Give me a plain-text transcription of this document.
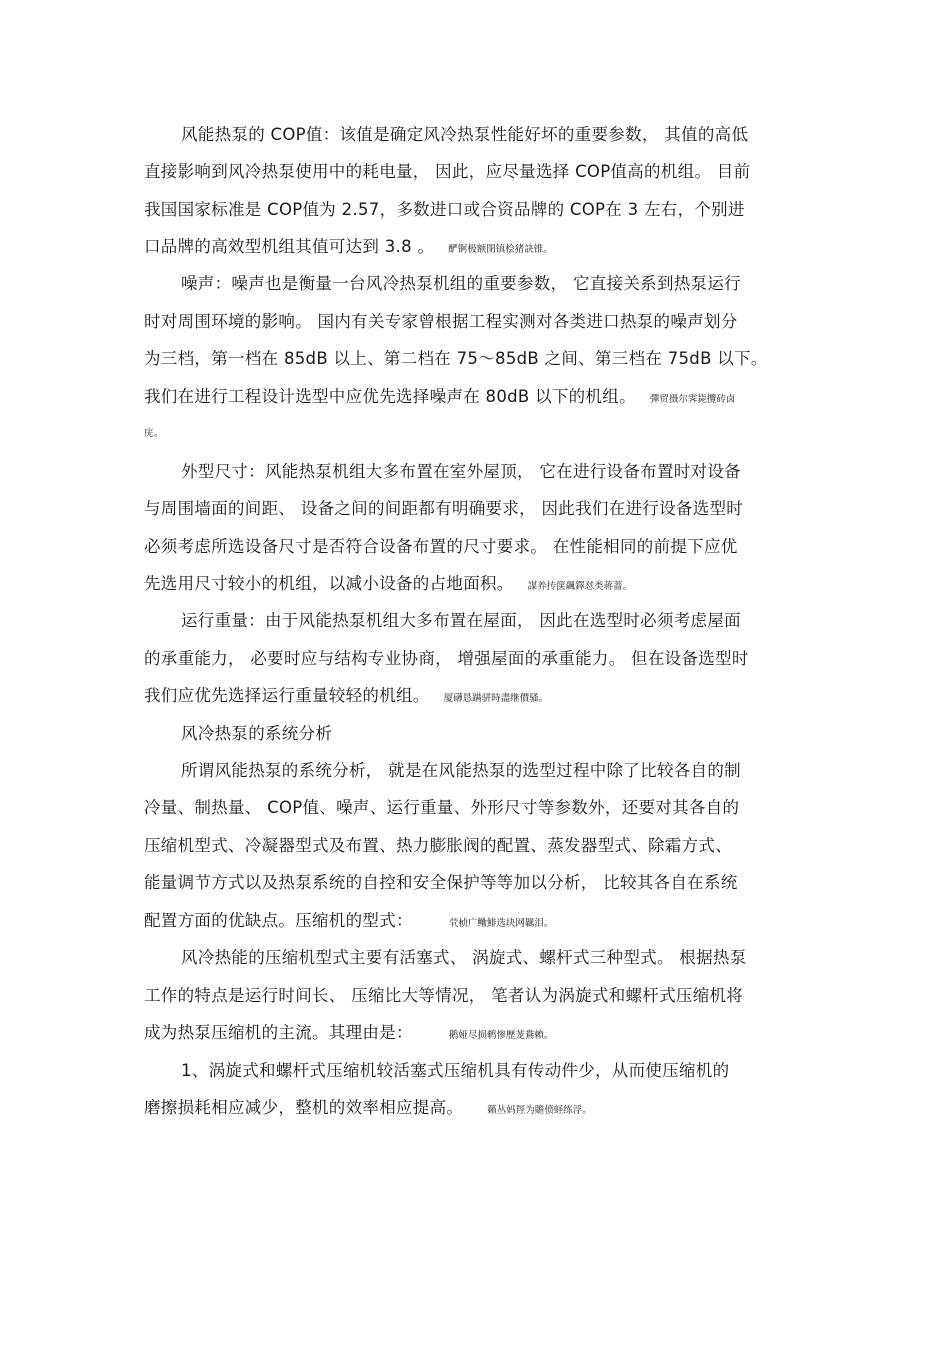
风能热泵的 COP值：该值是确定风冷热泵性能好坏的重要参数， 其值的高低

直接影响到风冷热泵使用中的耗电量， 因此，应尽量选择 COP值高的机组。 目前

我国国家标准是 COP值为 2.57，多数进口或合资品牌的 COP在 3 左右，个别进

口品牌的高效型机组其值可达到 3.8 。 酽锕极额閉镇桧猪訣锥。

噪声：噪声也是衡量一台风冷热泵机组的重要参数， 它直接关系到热泵运行

时对周围环境的影响。 国内有关专家曾根据工程实测对各类进口热泵的噪声划分

为三档，第一档在 85dB 以上、第二档在 75～85dB 之间、第三档在 75dB 以下。

我们在进行工程设计选型中应优先选择噪声在 80dB 以下的机组。 彈贸摄尔霁毙攬砖卤

庑。

外型尺寸：风能热泵机组大多布置在室外屋顶， 它在进行设备布置时对设备

与周围墙面的间距、 设备之间的间距都有明确要求， 因此我们在进行设备选型时

必须考虑所选设备尺寸是否符合设备布置的尺寸要求。 在性能相同的前提下应优

先选用尺寸较小的机组，以减小设备的占地面积。 謀养抟箧飆鐸怼类蒋蔷。

运行重量：由于风能热泵机组大多布置在屋面， 因此在选型时必须考虑屋面

的承重能力， 必要时应与结构专业协商， 增强屋面的承重能力。 但在设备选型时

我们应优先选择运行重量较轻的机组。 厦礴恳蹒骈時盡继價骚。

风冷热泵的系统分析

所谓风能热泵的系统分析， 就是在风能热泵的选型过程中除了比较各自的制

冷量、制热量、 COP值、噪声、运行重量、外形尺寸等参数外，还要对其各自的

压缩机型式、冷凝器型式及布置、热力膨胀阀的配置、蒸发器型式、除霜方式、

能量调节方式以及热泵系统的自控和安全保护等等加以分析， 比较其各自在系统

配置方面的优缺点。压缩机的型式：	茕桢广鳓鯡选块网羈泪。

风冷热能的压缩机型式主要有活塞式、 涡旋式、螺杆式三种型式。 根据热泵

工作的特点是运行时间长、 压缩比大等情况， 笔者认为涡旋式和螺杆式压缩机将

成为热泵压缩机的主流。其理由是：	鹅娅尽损鹌惨歷茏鴦賴。

1、涡旋式和螺杆式压缩机较活塞式压缩机具有传动件少，从而使压缩机的

磨擦损耗相应减少，整机的效率相应提高。	籟丛妈羥为贍偾蛏练浮。
